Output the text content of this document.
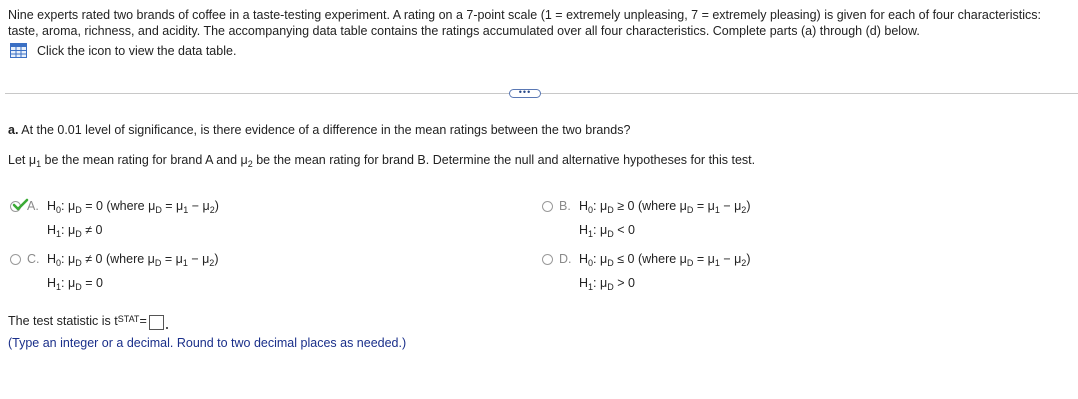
Nine experts rated two brands of coffee in a taste-testing experiment. A rating on a 7-point scale (1 = extremely unpleasing, 7 = extremely pleasing) is given for each of four characteristics: taste, aroma, richness, and acidity. The accompanying data table contains the ratings accumulated over all four characteristics. Complete parts (a) through (d) below.
Click the icon to view the data table.
•••
a. At the 0.01 level of significance, is there evidence of a difference in the mean ratings between the two brands?
Let $\mu_1$ be the mean rating for brand A and $\mu_2$ be the mean rating for brand B. Determine the null and alternative hypotheses for this test.
A. $H_0$: $\mu_D = 0$ (where $\mu_D = \mu_1 - \mu_2$)
$H_1$: $\mu_D \ne 0$
B. $H_0$: $\mu_D \ge 0$ (where $\mu_D = \mu_1 - \mu_2$)
$H_1$: $\mu_D < 0$
C. $H_0$: $\mu_D \ne 0$ (where $\mu_D = \mu_1 - \mu_2$)
$H_1$: $\mu_D = 0$
D. $H_0$: $\mu_D \le 0$ (where $\mu_D = \mu_1 - \mu_2$)
$H_1$: $\mu_D > 0$
The test statistic is t STAT =
(Type an integer or a decimal. Round to two decimal places as needed.)
